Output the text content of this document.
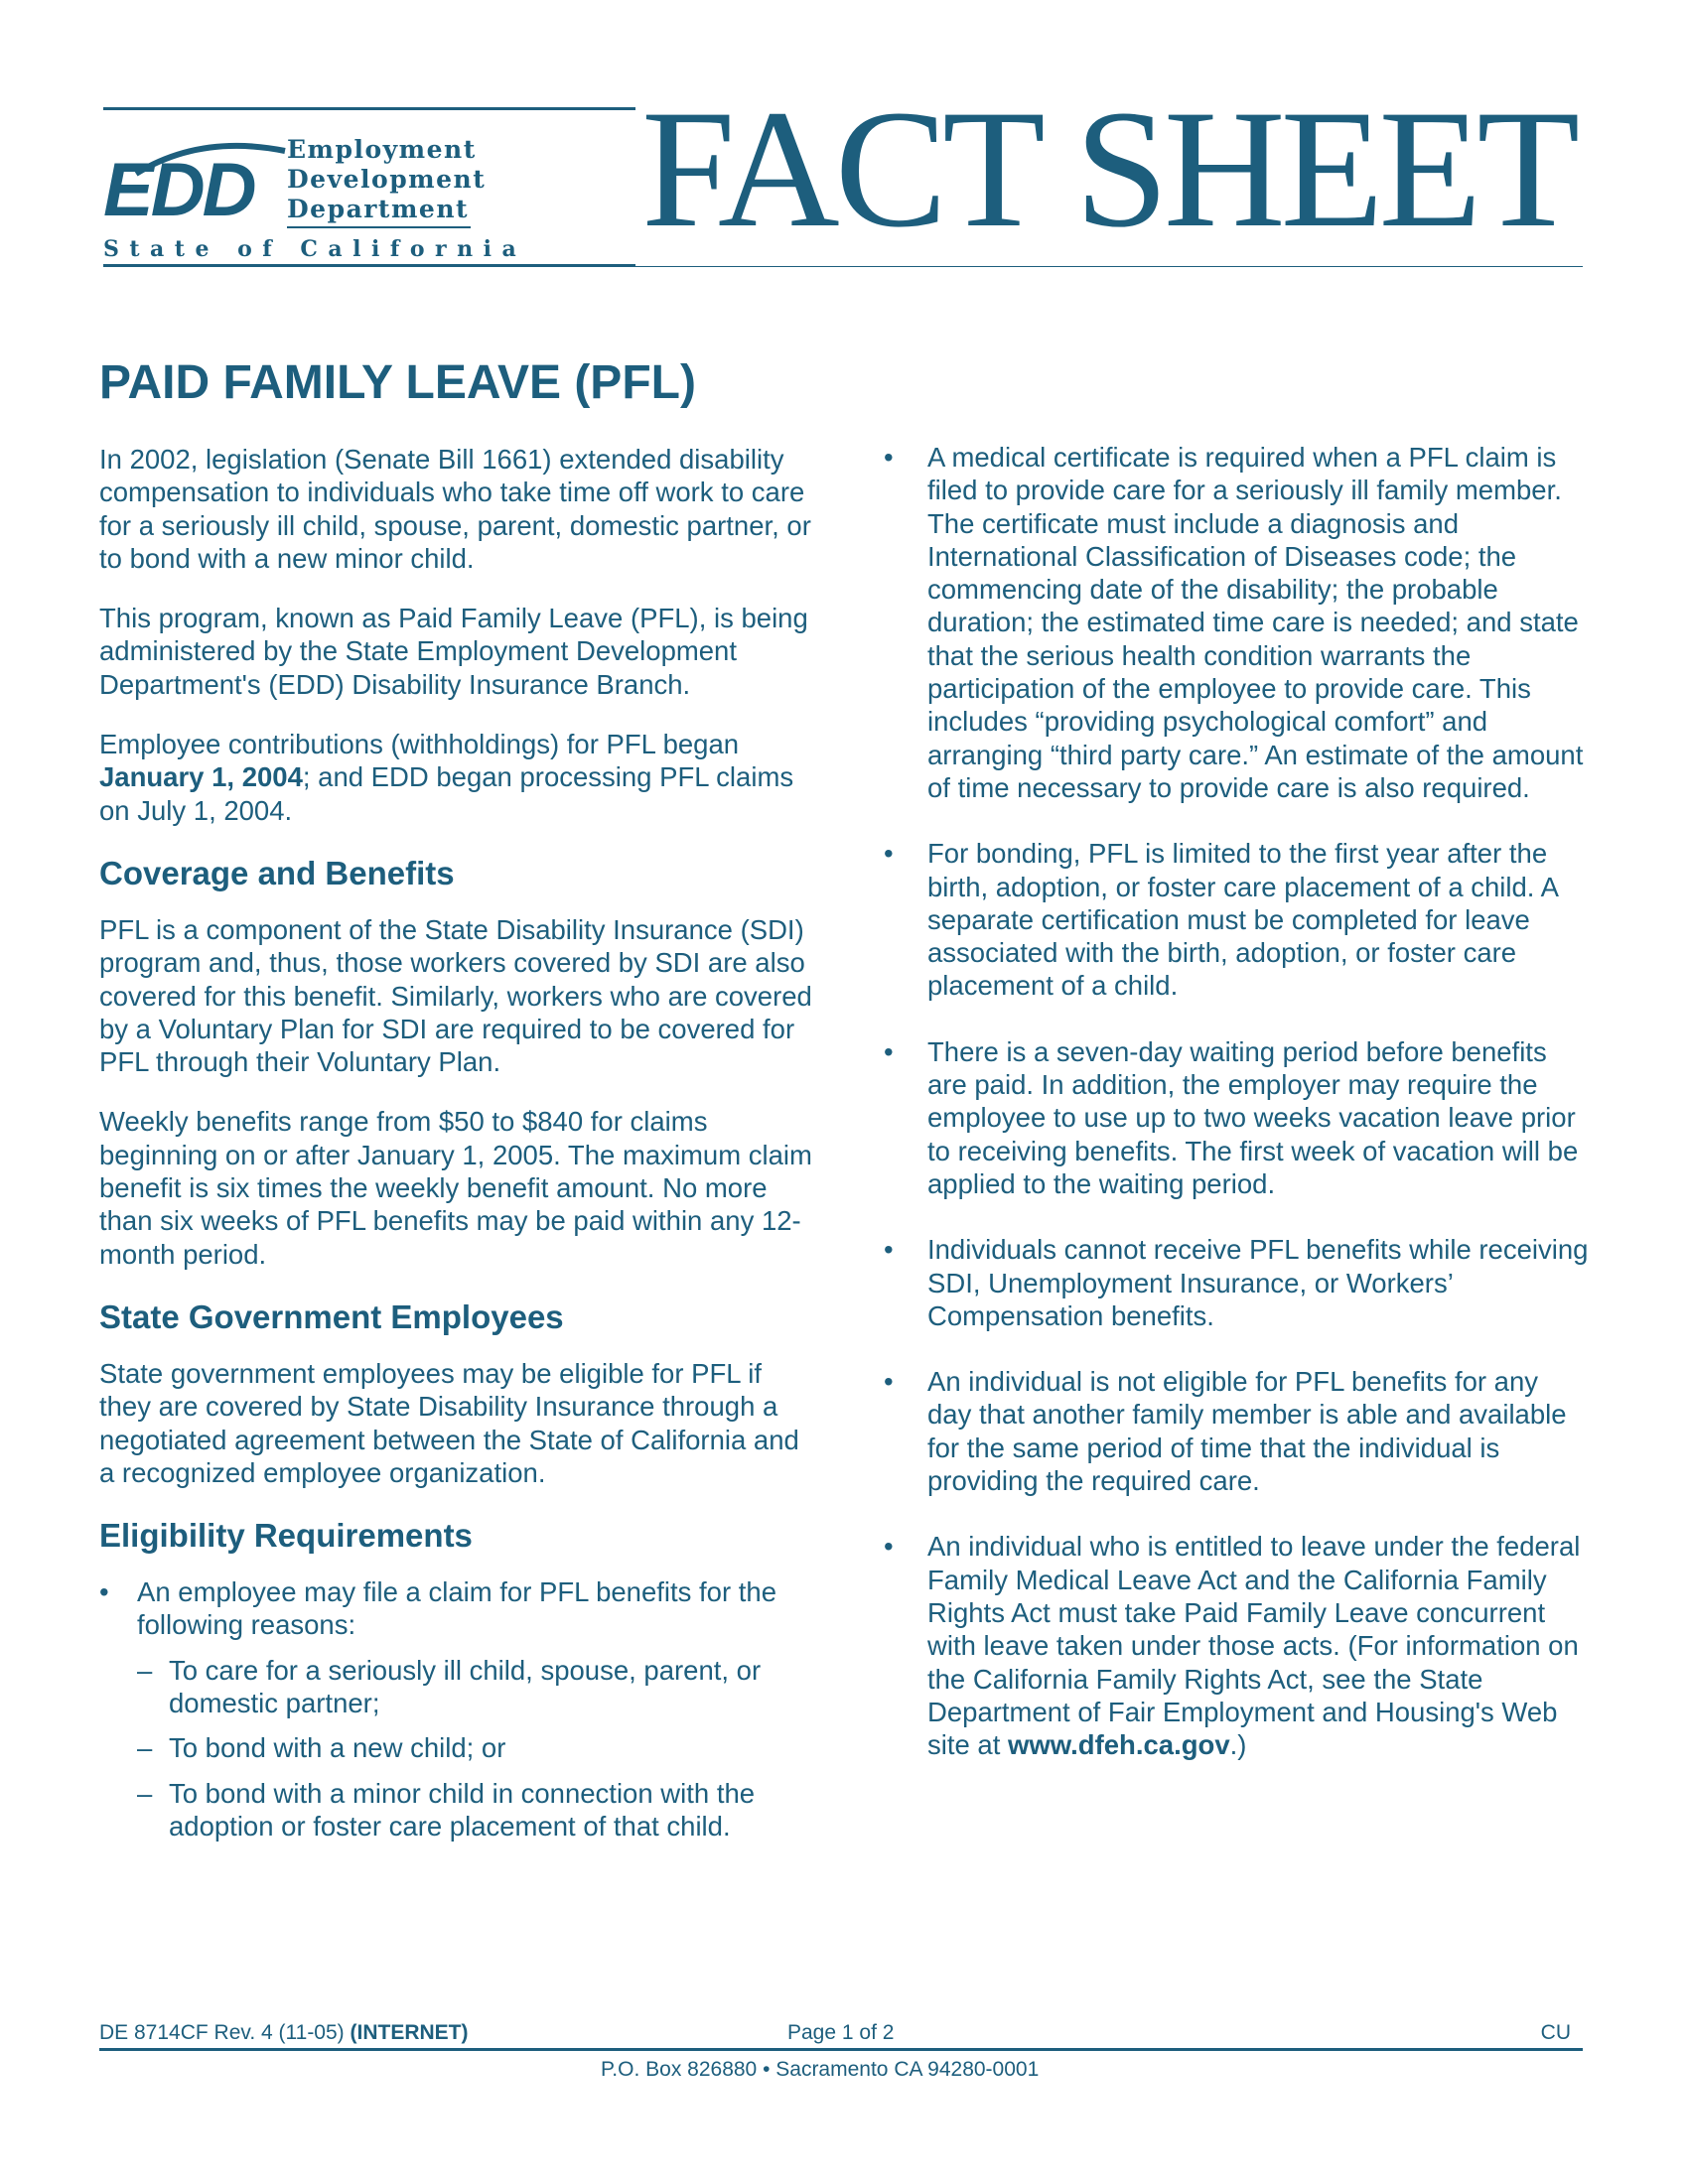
EDD Employment
Development
Department
State of California FACT SHEET
PAID FAMILY LEAVE (PFL)

In 2002, legislation (Senate Bill 1661) extended disability compensation to individuals who take time off work to care for a seriously ill child, spouse, parent, domestic partner, or to bond with a new minor child.

This program, known as Paid Family Leave (PFL), is being administered by the State Employment Development Department's (EDD) Disability Insurance Branch.

Employee contributions (withholdings) for PFL began January 1, 2004; and EDD began processing PFL claims on July 1, 2004.

Coverage and Benefits

PFL is a component of the State Disability Insurance (SDI) program and, thus, those workers covered by SDI are also covered for this benefit. Similarly, workers who are covered by a Voluntary Plan for SDI are required to be covered for PFL through their Voluntary Plan.

Weekly benefits range from $50 to $840 for claims beginning on or after January 1, 2005. The maximum claim benefit is six times the weekly benefit amount. No more than six weeks of PFL benefits may be paid within any 12-month period.

State Government Employees

State government employees may be eligible for PFL if they are covered by State Disability Insurance through a negotiated agreement between the State of California and a recognized employee organization.

Eligibility Requirements
• An employee may file a claim for PFL benefits for the following reasons:
– To care for a seriously ill child, spouse, parent, or domestic partner;
– To bond with a new child; or
– To bond with a minor child in connection with the adoption or foster care placement of that child.
• A medical certificate is required when a PFL claim is filed to provide care for a seriously ill family member. The certificate must include a diagnosis and International Classification of Diseases code; the commencing date of the disability; the probable duration; the estimated time care is needed; and state that the serious health condition warrants the participation of the employee to provide care. This includes “providing psychological comfort” and arranging “third party care.” An estimate of the amount of time necessary to provide care is also required.
• For bonding, PFL is limited to the first year after the birth, adoption, or foster care placement of a child. A separate certification must be completed for leave associated with the birth, adoption, or foster care placement of a child.
• There is a seven-day waiting period before benefits are paid. In addition, the employer may require the employee to use up to two weeks vacation leave prior to receiving benefits. The first week of vacation will be applied to the waiting period.
• Individuals cannot receive PFL benefits while receiving SDI, Unemployment Insurance, or Workers’ Compensation benefits.
• An individual is not eligible for PFL benefits for any day that another family member is able and available for the same period of time that the individual is providing the required care.
• An individual who is entitled to leave under the federal Family Medical Leave Act and the California Family Rights Act must take Paid Family Leave concurrent with leave taken under those acts. (For information on the California Family Rights Act, see the State Department of Fair Employment and Housing's Web site at www.dfeh.ca.gov.)
DE 8714CF Rev. 4 (11-05) (INTERNET)	Page 1 of 2	CU
P.O. Box 826880 • Sacramento CA 94280-0001
